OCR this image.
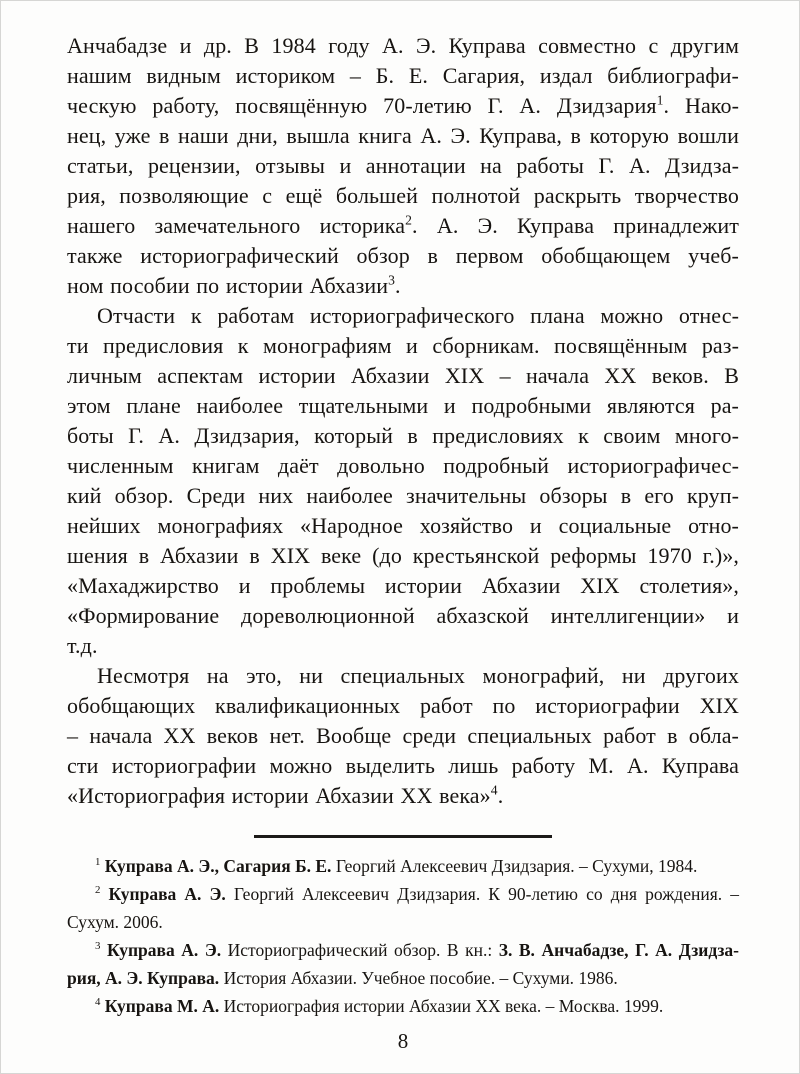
Анчабадзе и др. В 1984 году А. Э. Куправа совместно с другим
нашим видным историком – Б. Е. Сагария, издал библиографи-
ческую работу, посвящённую 70-летию Г. А. Дзидзария$^1$. Нако-
нец, уже в наши дни, вышла книга А. Э. Куправа, в которую вошли
статьи, рецензии, отзывы и аннотации на работы Г. А. Дзидза-
рия, позволяющие с ещё большей полнотой раскрыть творчество
нашего замечательного историка$^2$. А. Э. Куправа принадлежит
также историографический обзор в первом обобщающем учеб-
ном пособии по истории Абхазии$^3$.
Отчасти к работам историографического плана можно отнес-
ти предисловия к монографиям и сборникам. посвящённым раз-
личным аспектам истории Абхазии XIX – начала XX веков. В
этом плане наиболее тщательными и подробными являются ра-
боты Г. А. Дзидзария, который в предисловиях к своим много-
численным книгам даёт довольно подробный историографичес-
кий обзор. Среди них наиболее значительны обзоры в его круп-
нейших монографиях «Народное хозяйство и социальные отно-
шения в Абхазии в XIX веке (до крестьянской реформы 1970 г.)»,
«Махаджирство и проблемы истории Абхазии XIX столетия»,
«Формирование дореволюционной абхазской интеллигенции» и
т.д.
Несмотря на это, ни специальных монографий, ни другоих
обобщающих квалификационных работ по историографии XIX
– начала XX веков нет. Вообще среди специальных работ в обла-
сти историографии можно выделить лишь работу М. А. Куправа
«Историография истории Абхазии XX века»$^4$.
$^1$ Куправа А. Э., Сагария Б. Е. Георгий Алексеевич Дзидзария. – Сухуми, 1984.
$^2$ Куправа А. Э. Георгий Алексеевич Дзидзария. К 90-летию со дня рождения. –
Сухум. 2006.
$^3$ Куправа А. Э. Историографический обзор. В кн.: З. В. Анчабадзе, Г. А. Дзидза-
рия, А. Э. Куправа. История Абхазии. Учебное пособие. – Сухуми. 1986.
$^4$ Куправа М. А. Историография истории Абхазии XX века. – Москва. 1999.
8
